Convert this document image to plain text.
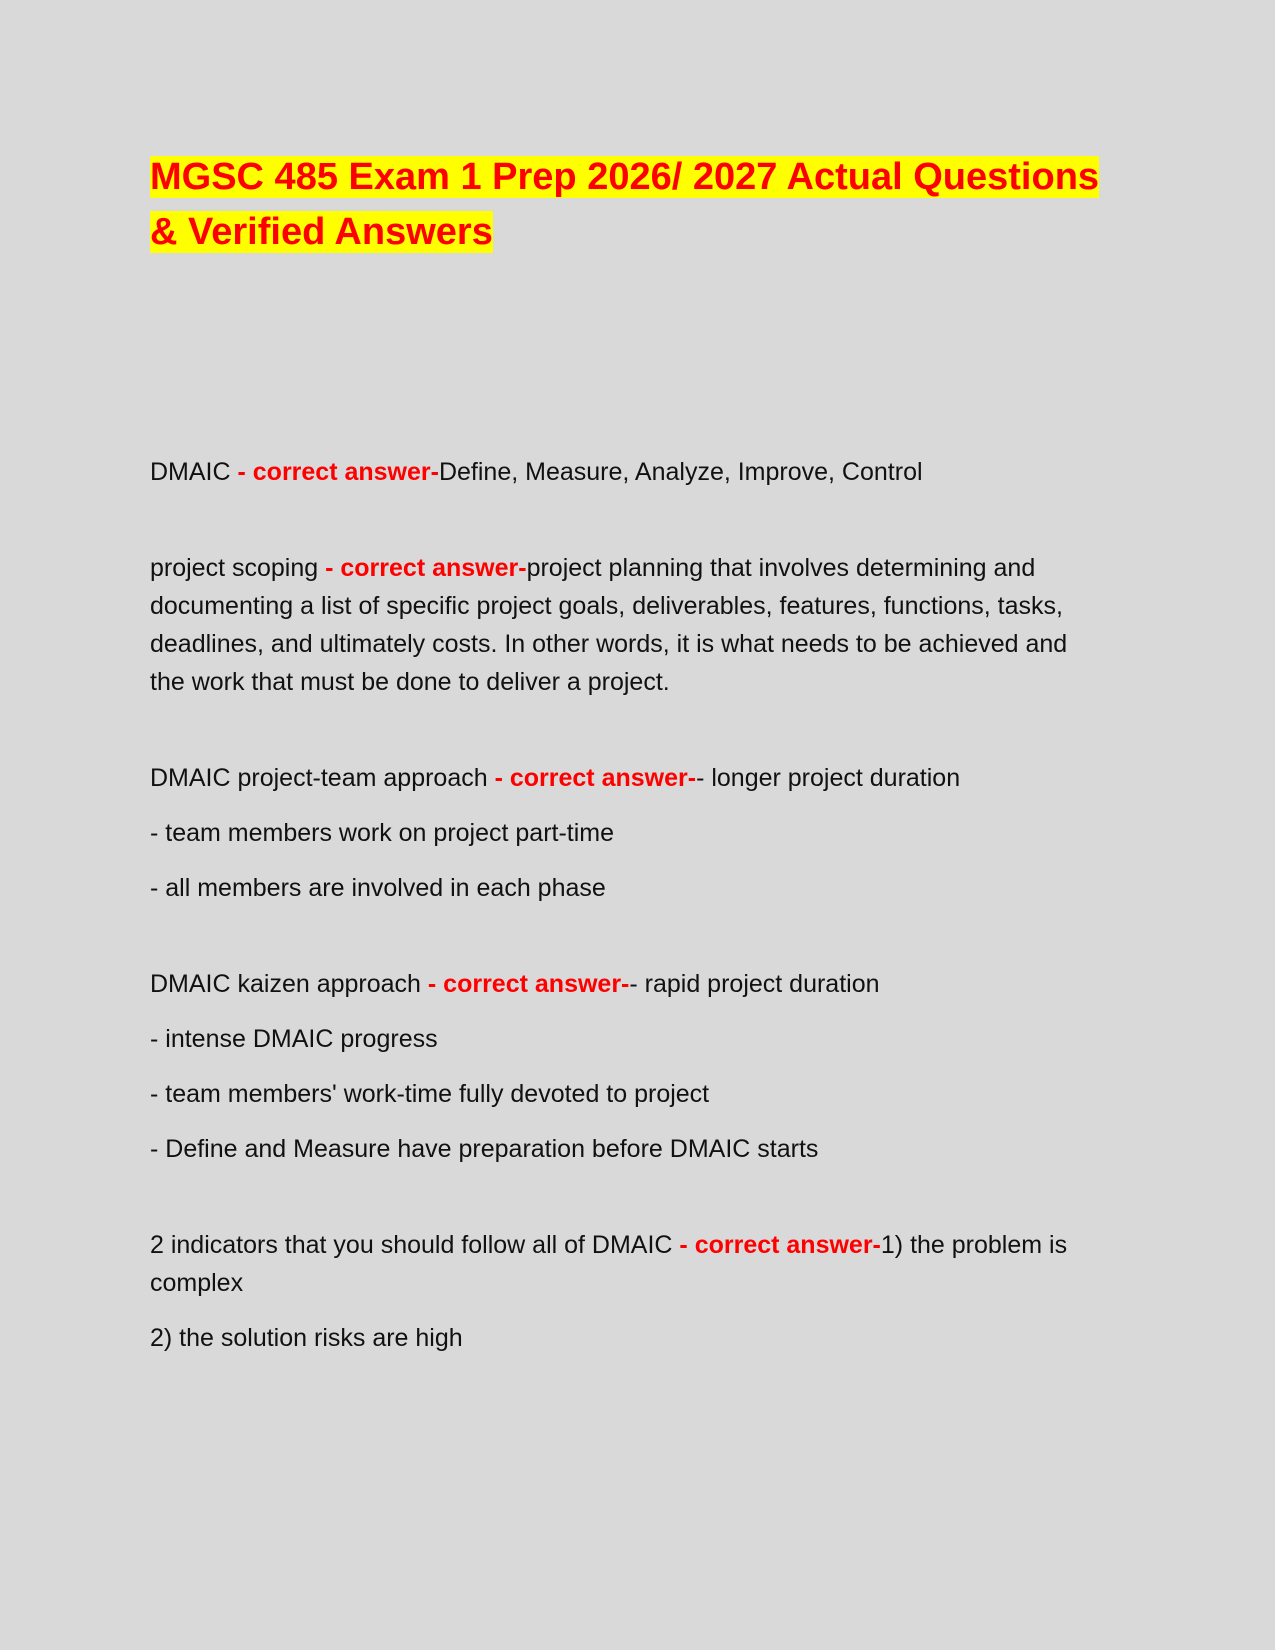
MGSC 485 Exam 1 Prep 2026/ 2027 Actual Questions & Verified Answers

DMAIC - correct answer-Define, Measure, Analyze, Improve, Control

project scoping - correct answer-project planning that involves determining and documenting a list of specific project goals, deliverables, features, functions, tasks, deadlines, and ultimately costs. In other words, it is what needs to be achieved and the work that must be done to deliver a project.

DMAIC project-team approach - correct answer-- longer project duration

- team members work on project part-time

- all members are involved in each phase

DMAIC kaizen approach - correct answer-- rapid project duration

- intense DMAIC progress

- team members' work-time fully devoted to project

- Define and Measure have preparation before DMAIC starts

2 indicators that you should follow all of DMAIC - correct answer-1) the problem is complex

2) the solution risks are high
